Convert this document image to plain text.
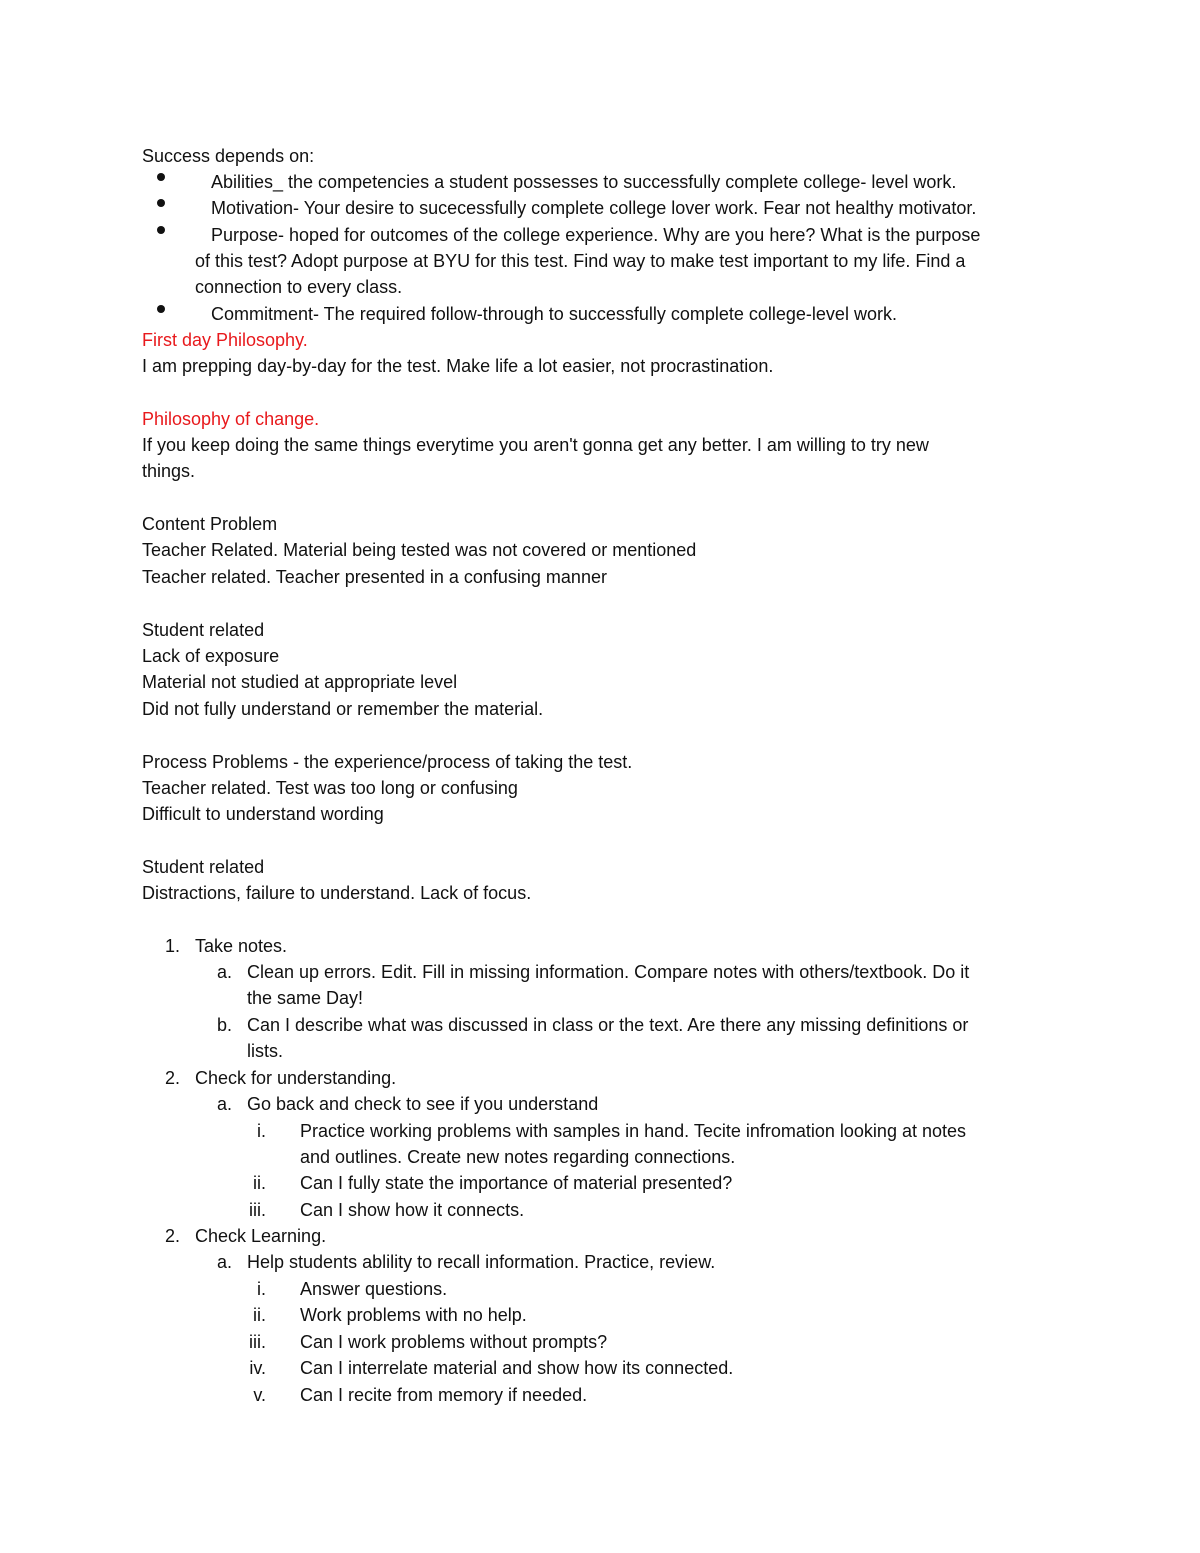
Success depends on:
Abilities_ the competencies a student possesses to successfully complete college- level work.
Motivation- Your desire to sucecessfully complete college lover work. Fear not healthy motivator.
Purpose- hoped for outcomes of the college experience. Why are you here? What is the purpose
of this test? Adopt purpose at BYU for this test. Find way to make test important to my life. Find a
connection to every class.
Commitment- The required follow-through to successfully complete college-level work.
First day Philosophy.
I am prepping day-by-day for the test. Make life a lot easier, not procrastination.
Philosophy of change.
If you keep doing the same things everytime you aren't gonna get any better. I am willing to try new
things.
Content Problem
Teacher Related. Material being tested was not covered or mentioned
Teacher related. Teacher presented in a confusing manner
Student related
Lack of exposure
Material not studied at appropriate level
Did not fully understand or remember the material.
Process Problems - the experience/process of taking the test.
Teacher related. Test was too long or confusing
Difficult to understand wording
Student related
Distractions, failure to understand. Lack of focus.
1. Take notes.
a. Clean up errors. Edit. Fill in missing information. Compare notes with others/textbook. Do it
the same Day!
b. Can I describe what was discussed in class or the text. Are there any missing definitions or
lists.
2. Check for understanding.
a. Go back and check to see if you understand
i. Practice working problems with samples in hand. Tecite infromation looking at notes
and outlines. Create new notes regarding connections.
ii. Can I fully state the importance of material presented?
iii. Can I show how it connects.
2. Check Learning.
a. Help students ablility to recall information. Practice, review.
i. Answer questions.
ii. Work problems with no help.
iii. Can I work problems without prompts?
iv. Can I interrelate material and show how its connected.
v. Can I recite from memory if needed.
